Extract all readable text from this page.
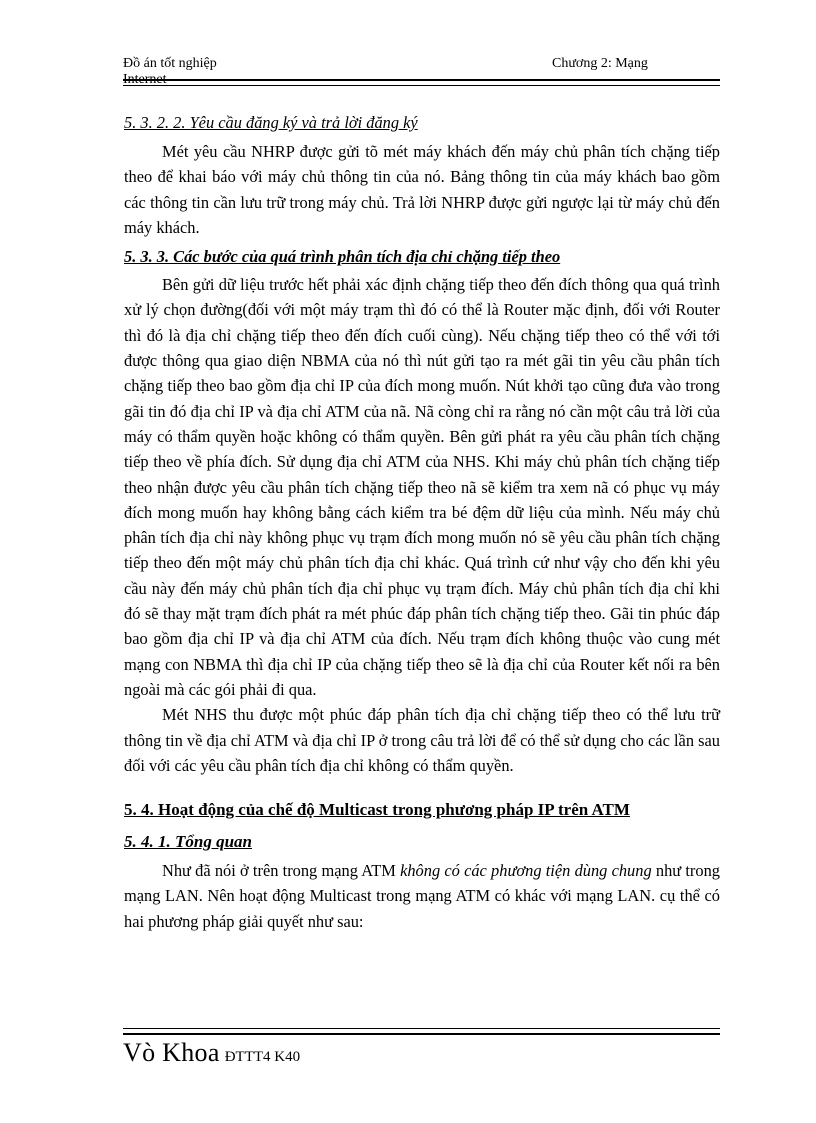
Đồ án tốt nghiệp
Internet
Chương 2: Mạng
5. 3. 2. 2. Yêu cầu đăng ký và trả lời đăng ký

Mét yêu cầu NHRP được gửi tõ mét máy khách đến máy chủ phân tích chặng tiếp theo để khai báo với máy chủ thông tin của nó. Bảng thông tin của máy khách bao gồm các thông tin cần lưu trữ trong máy chủ. Trả lời NHRP được gửi ngược lại từ máy chủ đến máy khách.

5. 3. 3. Các bước của quá trình phân tích địa chỉ chặng tiếp theo

Bên gửi dữ liệu trước hết phải xác định chặng tiếp theo đến đích thông qua quá trình xử lý chọn đường(đối với một máy trạm thì đó có thể là Router mặc định, đối với Router thì đó là địa chỉ chặng tiếp theo đến đích cuối cùng). Nếu chặng tiếp theo có thể với tới được thông qua giao diện NBMA của nó thì nút gửi tạo ra mét gãi tin yêu cầu phân tích chặng tiếp theo bao gồm địa chỉ IP của đích mong muốn. Nút khởi tạo cũng đưa vào trong gãi tin đó địa chỉ IP và địa chỉ ATM của nã. Nã còng chỉ ra rằng nó cần một câu trả lời của máy có thẩm quyền hoặc không có thẩm quyền. Bên gửi phát ra yêu cầu phân tích chặng tiếp theo về phía đích. Sử dụng địa chỉ ATM của NHS. Khi máy chủ phân tích chặng tiếp theo nhận được yêu cầu phân tích chặng tiếp theo nã sẽ kiểm tra xem nã có phục vụ máy đích mong muốn hay không bằng cách kiểm tra bé đệm dữ liệu của mình. Nếu máy chủ phân tích địa chỉ này không phục vụ trạm đích mong muốn nó sẽ yêu cầu phân tích chặng tiếp theo đến một máy chủ phân tích địa chỉ khác. Quá trình cứ như vậy cho đến khi yêu cầu này đến máy chủ phân tích địa chỉ phục vụ trạm đích. Máy chủ phân tích địa chỉ khi đó sẽ thay mặt trạm đích phát ra mét phúc đáp phân tích chặng tiếp theo. Gãi tin phúc đáp bao gồm địa chỉ IP và địa chỉ ATM của đích. Nếu trạm đích không thuộc vào cung mét mạng con NBMA thì địa chỉ IP của chặng tiếp theo sẽ là địa chỉ của Router kết nối ra bên ngoài mà các gói phải đi qua.

Mét NHS thu được một phúc đáp phân tích địa chỉ chặng tiếp theo có thể lưu trữ thông tin về địa chỉ ATM và địa chỉ IP ở trong câu trả lời để có thể sử dụng cho các lần sau đối với các yêu cầu phân tích địa chỉ không có thẩm quyền.

5. 4. Hoạt động của chế độ Multicast trong phương pháp IP trên ATM
5. 4. 1. Tổng quan

Như đã nói ở trên trong mạng ATM không có các phương tiện dùng chung như trong mạng LAN. Nên hoạt động Multicast trong mạng ATM có khác với mạng LAN. cụ thể có hai phương pháp giải quyết như sau:

Vò Khoa ĐTTT4 K40
